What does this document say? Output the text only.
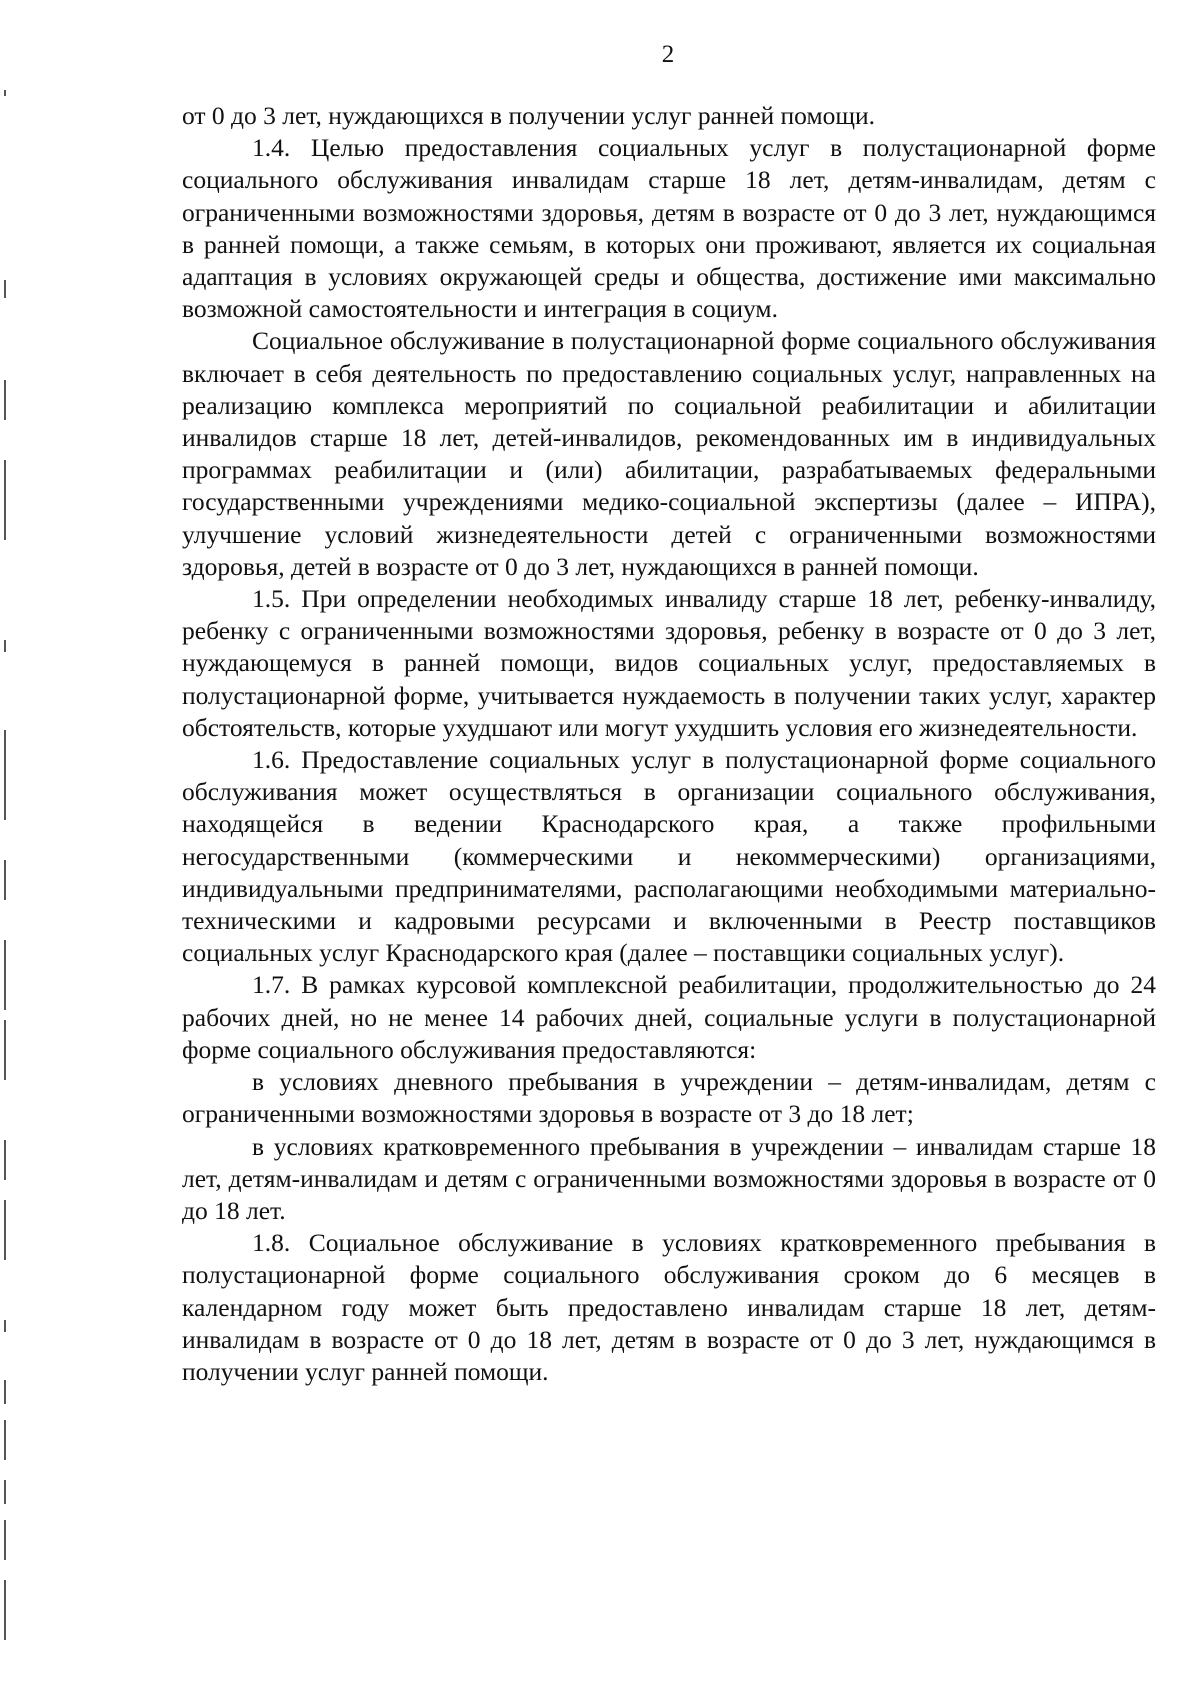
2

от 0 до 3 лет, нуждающихся в получении услуг ранней помощи.

1.4. Целью предоставления социальных услуг в полустационарной форме социального обслуживания инвалидам старше 18 лет, детям-инвалидам, детям с ограниченными возможностями здоровья, детям в возрасте от 0 до 3 лет, нуждающимся в ранней помощи, а также семьям, в которых они проживают, является их социальная адаптация в условиях окружающей среды и общества, достижение ими максимально возможной самостоятельности и интеграция в социум.

Социальное обслуживание в полустационарной форме социального обслуживания включает в себя деятельность по предоставлению социальных услуг, направленных на реализацию комплекса мероприятий по социальной реабилитации и абилитации инвалидов старше 18 лет, детей-инвалидов, рекомендованных им в индивидуальных программах реабилитации и (или) абилитации, разрабатываемых федеральными государственными учреждениями медико-социальной экспертизы (далее – ИПРА), улучшение условий жизнедеятельности детей с ограниченными возможностями здоровья, детей в возрасте от 0 до 3 лет, нуждающихся в ранней помощи.

1.5. При определении необходимых инвалиду старше 18 лет, ребенку-инвалиду, ребенку с ограниченными возможностями здоровья, ребенку в возрасте от 0 до 3 лет, нуждающемуся в ранней помощи, видов социальных услуг, предоставляемых в полустационарной форме, учитывается нуждаемость в получении таких услуг, характер обстоятельств, которые ухудшают или могут ухудшить условия его жизнедеятельности.

1.6. Предоставление социальных услуг в полустационарной форме социального обслуживания может осуществляться в организации социального обслуживания, находящейся в ведении Краснодарского края, а также профильными негосударственными (коммерческими и некоммерческими) организациями, индивидуальными предпринимателями, располагающими необходимыми материально-техническими и кадровыми ресурсами и включенными в Реестр поставщиков социальных услуг Краснодарского края (далее – поставщики социальных услуг).

1.7. В рамках курсовой комплексной реабилитации, продолжительностью до 24 рабочих дней, но не менее 14 рабочих дней, социальные услуги в полустационарной форме социального обслуживания предоставляются:

в условиях дневного пребывания в учреждении – детям-инвалидам, детям с ограниченными возможностями здоровья в возрасте от 3 до 18 лет;

в условиях кратковременного пребывания в учреждении – инвалидам старше 18 лет, детям-инвалидам и детям с ограниченными возможностями здоровья в возрасте от 0 до 18 лет.

1.8. Социальное обслуживание в условиях кратковременного пребывания в полустационарной форме социального обслуживания сроком до 6 месяцев в календарном году может быть предоставлено инвалидам старше 18 лет, детям-инвалидам в возрасте от 0 до 18 лет, детям в возрасте от 0 до 3 лет, нуждающимся в получении услуг ранней помощи.
